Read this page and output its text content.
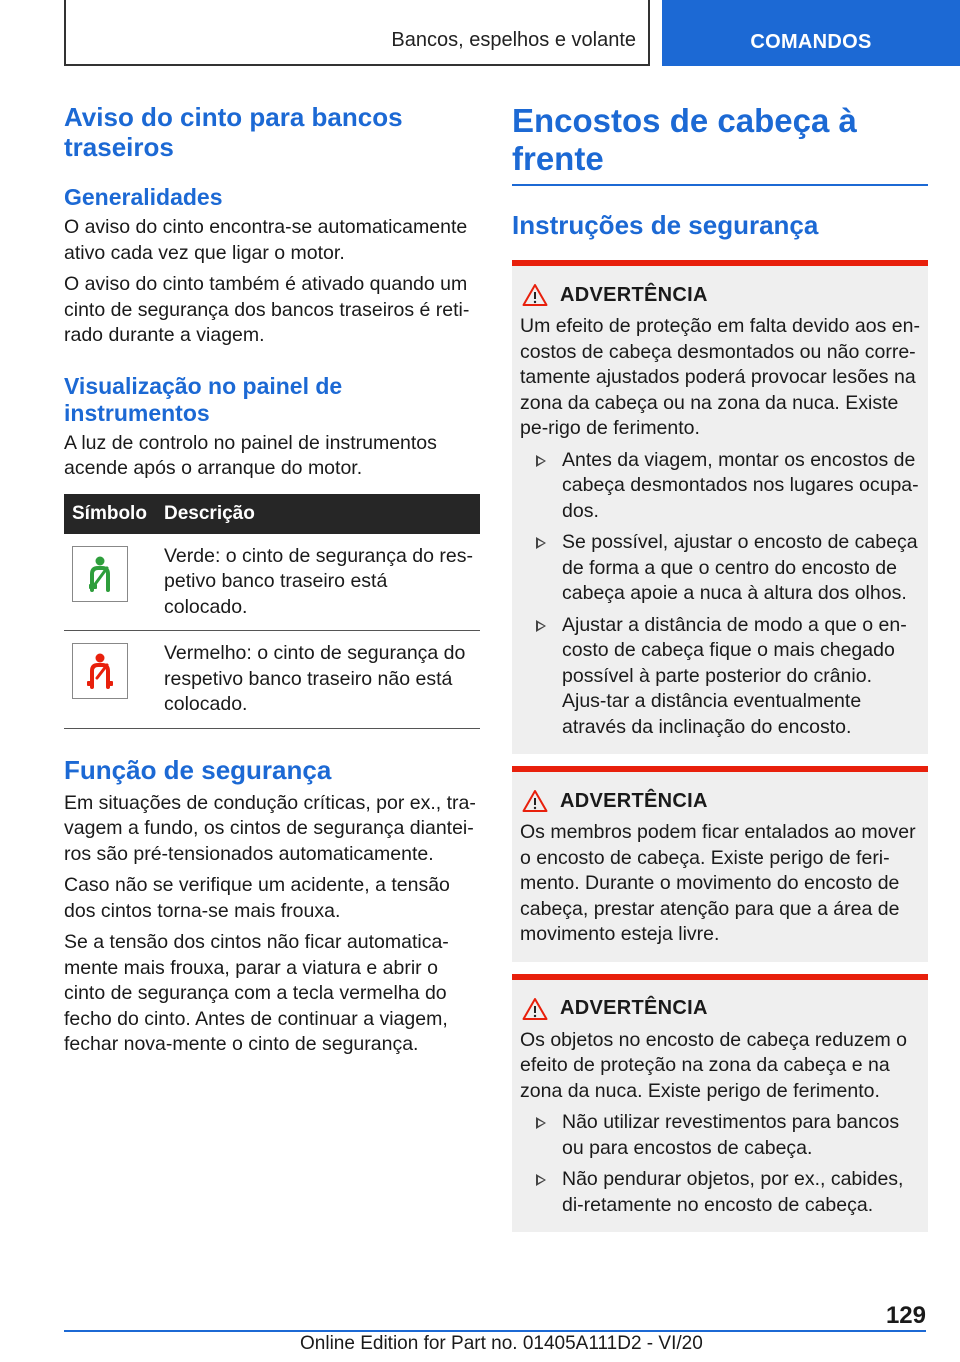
Bancos, espelhos e volante	COMANDOS
Aviso do cinto para bancos traseiros
Generalidades

O aviso do cinto encontra-se automaticamente ativo cada vez que ligar o motor.

O aviso do cinto também é ativado quando um cinto de segurança dos bancos traseiros é reti-rado durante a viagem.

Visualização no painel de instrumentos

A luz de controlo no painel de instrumentos acende após o arranque do motor.

Símbolo	Descrição

	Verde: o cinto de segurança do res-petivo banco traseiro está colocado.

	Vermelho: o cinto de segurança do respetivo banco traseiro não está colocado.
Função de segurança

Em situações de condução críticas, por ex., tra-vagem a fundo, os cintos de segurança diantei-ros são pré-tensionados automaticamente.

Caso não se verifique um acidente, a tensão dos cintos torna-se mais frouxa.

Se a tensão dos cintos não ficar automatica-mente mais frouxa, parar a viatura e abrir o cinto de segurança com a tecla vermelha do fecho do cinto. Antes de continuar a viagem, fechar nova-mente o cinto de segurança.

Encostos de cabeça à frente
Instruções de segurança
ADVERTÊNCIA

Um efeito de proteção em falta devido aos en-costos de cabeça desmontados ou não corre-tamente ajustados poderá provocar lesões na zona da cabeça ou na zona da nuca. Existe pe-rigo de ferimento.

Antes da viagem, montar os encostos de cabeça desmontados nos lugares ocupa-dos.
Se possível, ajustar o encosto de cabeça de forma a que o centro do encosto de cabeça apoie a nuca à altura dos olhos.
Ajustar a distância de modo a que o en-costo de cabeça fique o mais chegado possível à parte posterior do crânio. Ajus-tar a distância eventualmente através da inclinação do encosto.
ADVERTÊNCIA

Os membros podem ficar entalados ao mover o encosto de cabeça. Existe perigo de feri-mento. Durante o movimento do encosto de cabeça, prestar atenção para que a área de movimento esteja livre.

ADVERTÊNCIA

Os objetos no encosto de cabeça reduzem o efeito de proteção na zona da cabeça e na zona da nuca. Existe perigo de ferimento.

Não utilizar revestimentos para bancos ou para encostos de cabeça.
Não pendurar objetos, por ex., cabides, di-retamente no encosto de cabeça.
129
Online Edition for Part no. 01405A111D2 - VI/20
